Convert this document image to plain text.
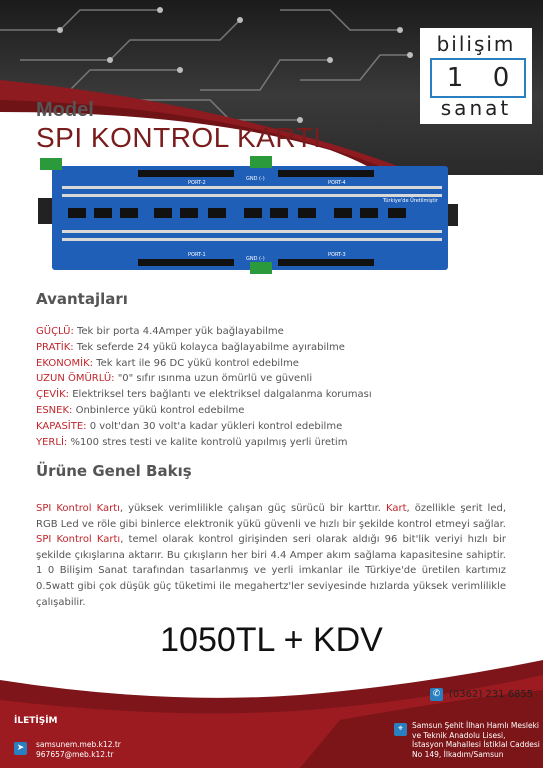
bilişim
1 0
sanat
Model
SPI KONTROL KARTI
PORT-2	PORT-4
PORT-1	PORT-3
GND (-)
GND (-)
Türkiye'de Üretilmiştir
Avantajları
GÜÇLÜ: Tek bir porta 4.4Amper yük bağlayabilme
PRATİK: Tek seferde 24 yükü kolayca bağlayabilme ayırabilme
EKONOMİK: Tek kart ile 96 DC yükü kontrol edebilme
UZUN ÖMÜRLÜ: "0" sıfır ısınma uzun ömürlü ve güvenli
ÇEVİK: Elektriksel ters bağlantı ve elektriksel dalgalanma koruması
ESNEK: Onbinlerce yükü kontrol edebilme
KAPASİTE: 0 volt'dan 30 volt'a kadar yükleri kontrol edebilme
YERLİ: %100 stres testi ve kalite kontrolü yapılmış yerli üretim
Ürüne Genel Bakış
SPI Kontrol Kartı, yüksek verimlilikle çalışan güç sürücü bir karttır. Kart, özellikle şerit led, RGB Led ve röle gibi binlerce elektronik yükü güvenli ve hızlı bir şekilde kontrol etmeyi sağlar. SPI Kontrol Kartı, temel olarak kontrol girişinden seri olarak aldığı 96 bit'lik veriyi hızlı bir şekilde çıkışlarına aktarır. Bu çıkışların her biri 4.4 Amper akım sağlama kapasitesine sahiptir. 1 0 Bilişim Sanat tarafından tasarlanmış ve yerli imkanlar ile Türkiye'de üretilen kartımız 0.5watt gibi çok düşük güç tüketimi ile megahertz'ler seviyesinde hızlarda yüksek verimlilikle çalışabilir.
1050TL + KDV
✆ (0362) 231 6855
İLETİŞİM
➤	samsunem.meb.k12.tr
967657@meb.k12.tr
⌖	Samsun Şehit İlhan Hamlı Mesleki
ve Teknik Anadolu Lisesi,
İstasyon Mahallesi İstiklal Caddesi
No 149, İlkadım/Samsun
